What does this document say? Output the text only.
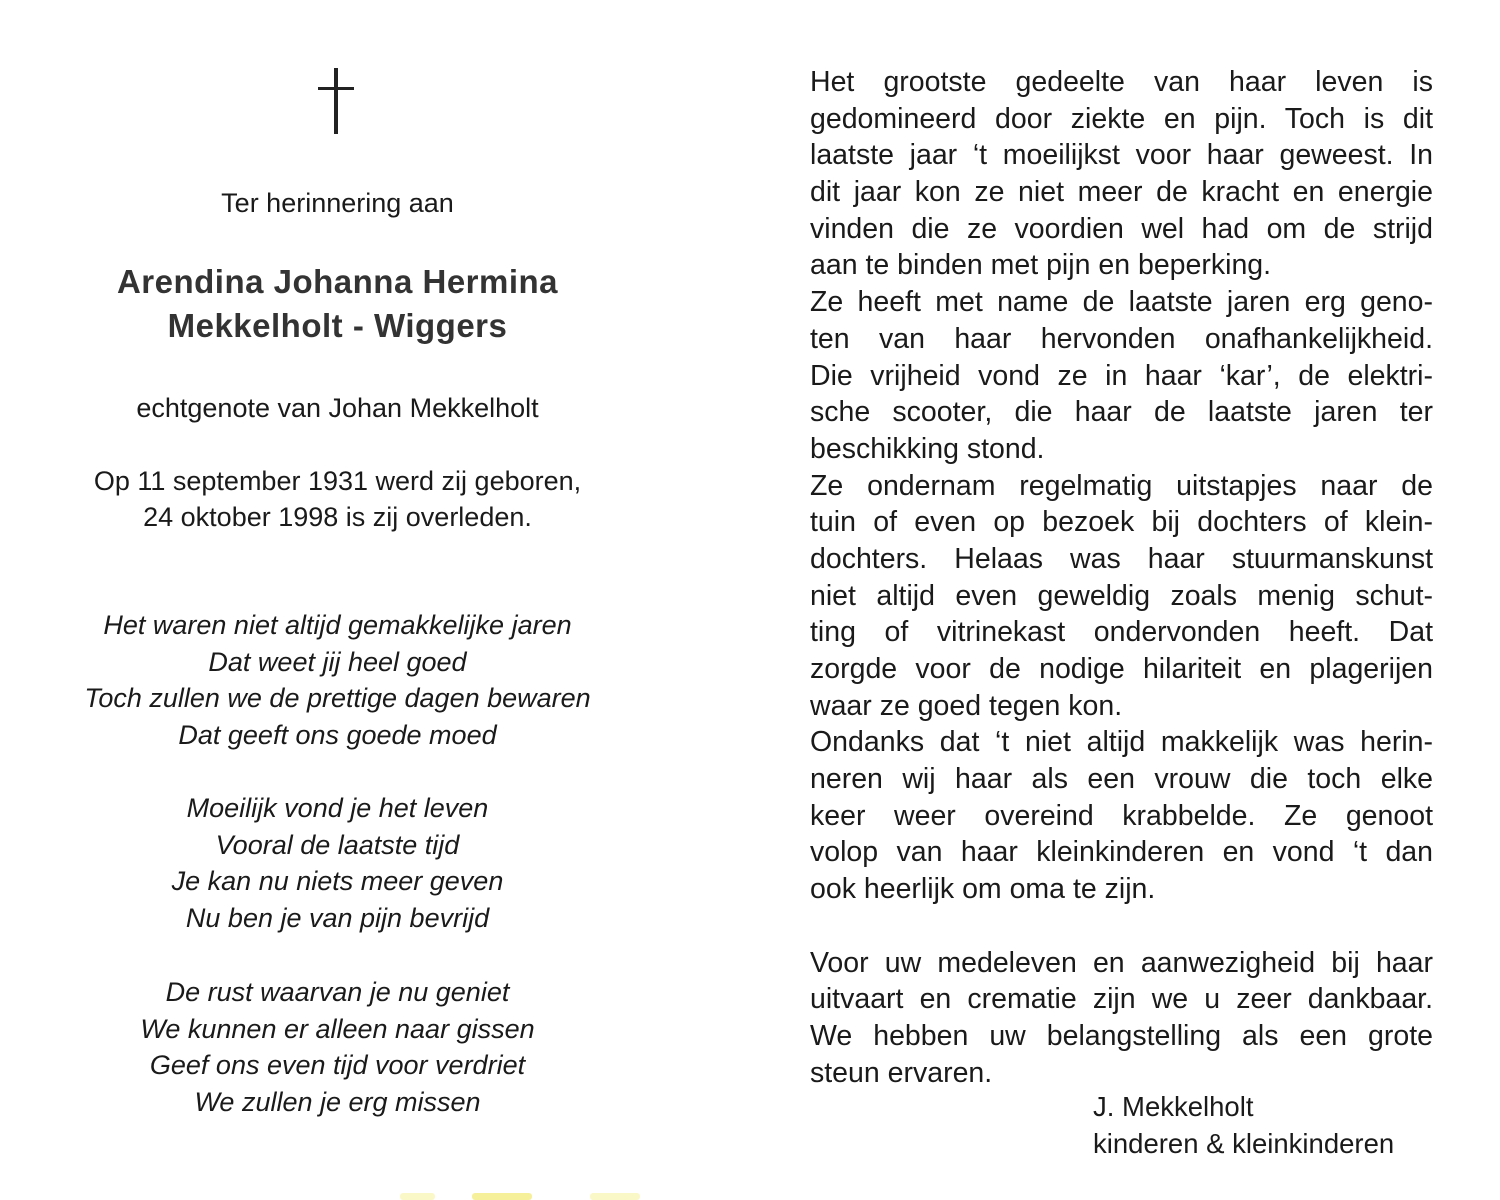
Ter herinnering aan
Arendina Johanna Hermina
Mekkelholt - Wiggers
echtgenote van Johan Mekkelholt
Op 11 september 1931 werd zij geboren,
24 oktober 1998 is zij overleden.
Het waren niet altijd gemakkelijke jaren
Dat weet jij heel goed
Toch zullen we de prettige dagen bewaren
Dat geeft ons goede moed
Moeilijk vond je het leven
Vooral de laatste tijd
Je kan nu niets meer geven
Nu ben je van pijn bevrijd
De rust waarvan je nu geniet
We kunnen er alleen naar gissen
Geef ons even tijd voor verdriet
We zullen je erg missen
Het grootste gedeelte van haar leven is
gedomineerd door ziekte en pijn. Toch is dit
laatste jaar ‘t moeilijkst voor haar geweest. In
dit jaar kon ze niet meer de kracht en energie
vinden die ze voordien wel had om de strijd
aan te binden met pijn en beperking.
Ze heeft met name de laatste jaren erg geno-
ten van haar hervonden onafhankelijkheid.
Die vrijheid vond ze in haar ‘kar’, de elektri-
sche scooter, die haar de laatste jaren ter
beschikking stond.
Ze ondernam regelmatig uitstapjes naar de
tuin of even op bezoek bij dochters of klein-
dochters. Helaas was haar stuurmanskunst
niet altijd even geweldig zoals menig schut-
ting of vitrinekast ondervonden heeft. Dat
zorgde voor de nodige hilariteit en plagerijen
waar ze goed tegen kon.
Ondanks dat ‘t niet altijd makkelijk was herin-
neren wij haar als een vrouw die toch elke
keer weer overeind krabbelde. Ze genoot
volop van haar kleinkinderen en vond ‘t dan
ook heerlijk om oma te zijn.
Voor uw medeleven en aanwezigheid bij haar
uitvaart en crematie zijn we u zeer dankbaar.
We hebben uw belangstelling als een grote
steun ervaren.
J. Mekkelholt
kinderen & kleinkinderen
